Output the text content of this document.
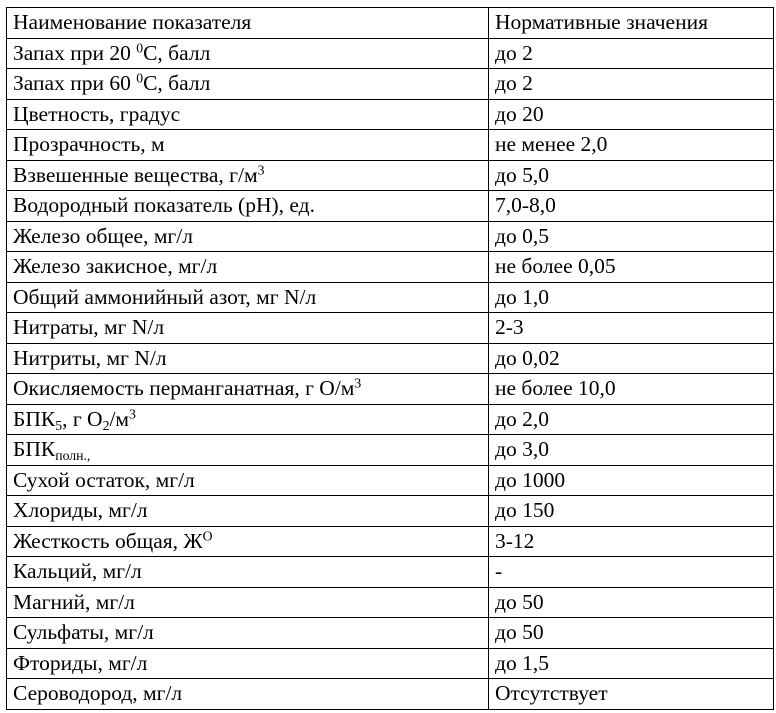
Наименование показателя	Нормативные значения
Запах при 20 $^0$С, балл	до 2
Запах при 60 $^0$С, балл	до 2
Цветность, градус	до 20
Прозрачность, м	не менее 2,0
Взвешенные вещества, $г/м^3$	до 5,0
Водородный показатель (pH), ед.	7,0-8,0
Железо общее, мг/л	до 0,5
Железо закисное, мг/л	не более 0,05
Общий аммонийный азот, мг N/л	до 1,0
Нитраты, мг N/л	2-3
Нитриты, мг N/л	до 0,02
Окисляемость перманганатная, г $О/м^3$	не более 10,0
$БПК_5$, г $O_2/м^3$	до 2,0
$БПК_{полн.,}$	до 3,0
Сухой остаток, мг/л	до 1000
Хлориды, мг/л	до 150
Жесткость общая, $Ж^О$	3-12
Кальций, мг/л	-
Магний, мг/л	до 50
Сульфаты, мг/л	до 50
Фториды, мг/л	до 1,5
Сероводород, мг/л	Отсутствует
